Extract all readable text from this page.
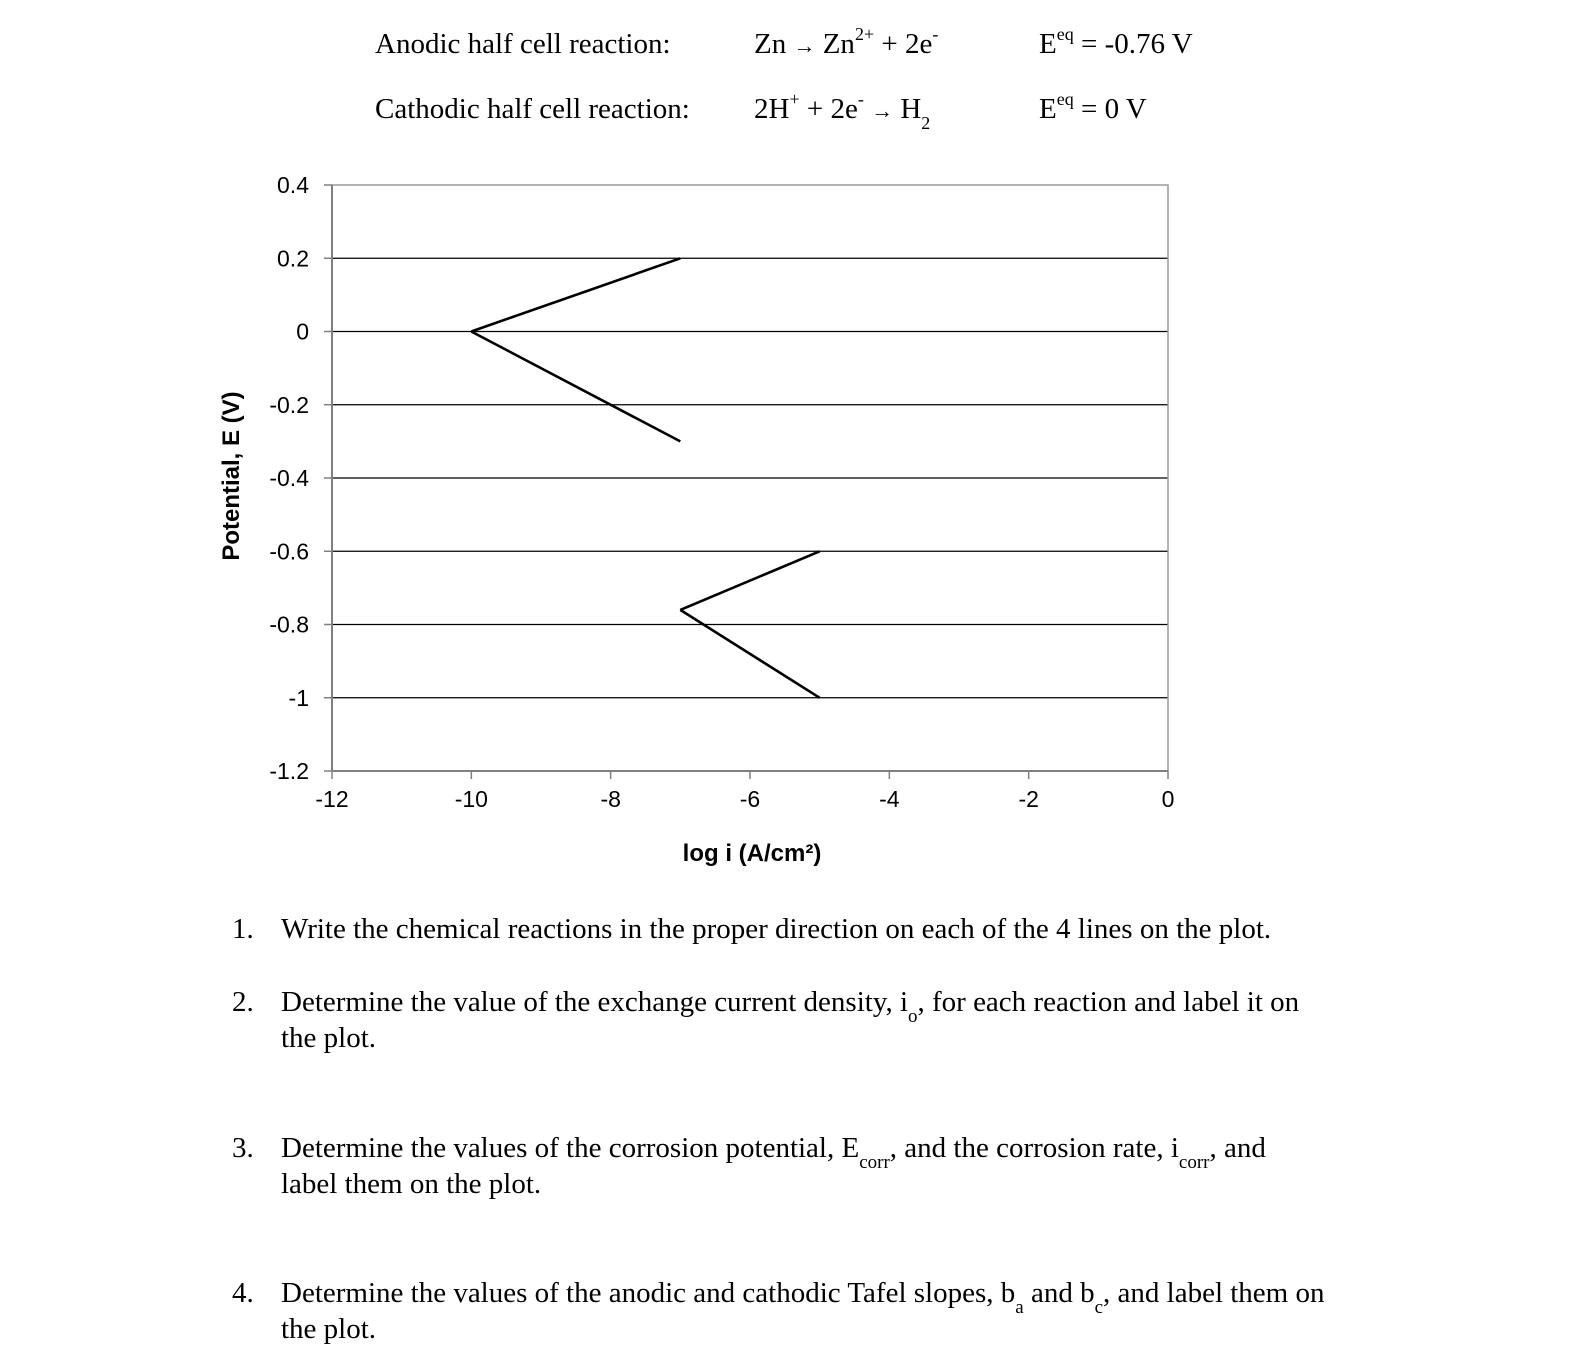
Anodic half cell reaction:	$Zn \to Zn^{2+} + 2e^-$	$E^{eq} = -0.76$ V
Cathodic half cell reaction: $2H^+ + 2e^- \to H_2$	$E^{eq} = 0$ V
0.4
0.2
0
-0.2
-0.4
-0.6
-0.8
-1
-1.2
-12	-10	-8	-6	-4	-2	0
log i (A/cm²)
Potential, E (V)
1. Write the chemical reactions in the proper direction on each of the 4 lines on the plot.
2. Determine the value of the exchange current density, $i_o$, for each reaction and label it on
the plot.
3. Determine the values of the corrosion potential, $E_{corr}$, and the corrosion rate, $i_{corr}$, and
label them on the plot.
4. Determine the values of the anodic and cathodic Tafel slopes, $b_a$ and $b_c$, and label them on
the plot.
